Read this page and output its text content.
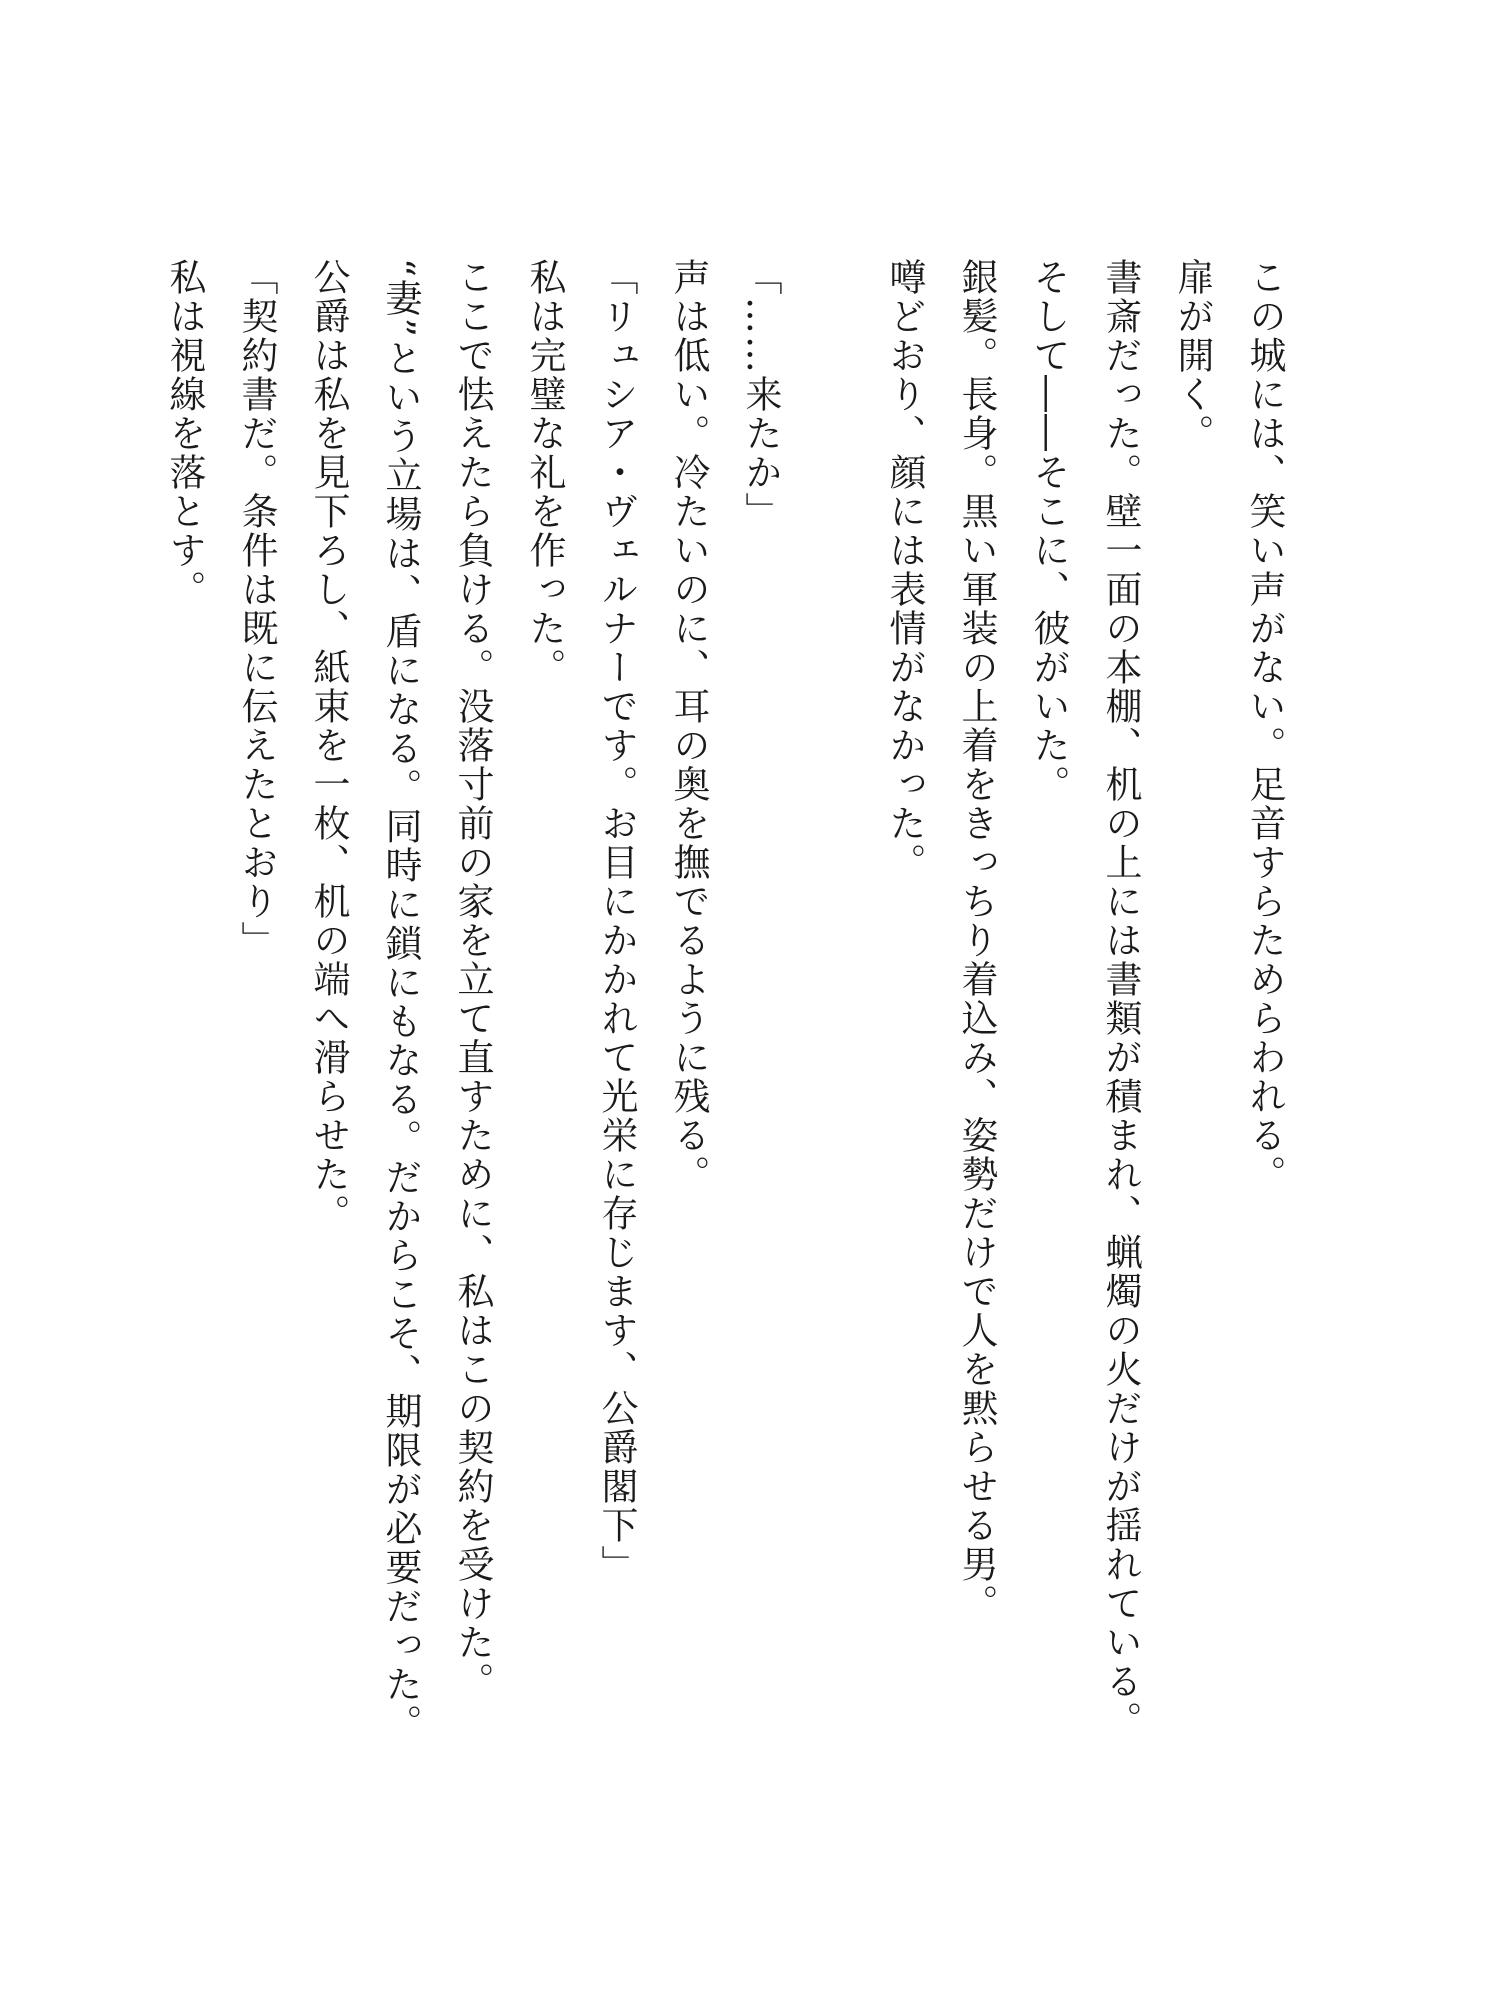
この城には、笑い声がない。足音すらためらわれる。
扉が開く。
書斎だった。壁一面の本棚、机の上には書類が積まれ、蝋燭の火だけが揺れている。
そして――そこに、彼がいた。
銀髪。長身。黒い軍装の上着をきっちり着込み、姿勢だけで人を黙らせる男。
噂どおり、顔には表情がなかった。
「……来たか」
声は低い。冷たいのに、耳の奥を撫でるように残る。
「リュシア・ヴェルナーです。お目にかかれて光栄に存じます、公爵閣下」
私は完璧な礼を作った。
ここで怯えたら負ける。没落寸前の家を立て直すために、私はこの契約を受けた。
“妻”という立場は、盾になる。同時に鎖にもなる。だからこそ、期限が必要だった。
公爵は私を見下ろし、紙束を一枚、机の端へ滑らせた。
「契約書だ。条件は既に伝えたとおり」
私は視線を落とす。
